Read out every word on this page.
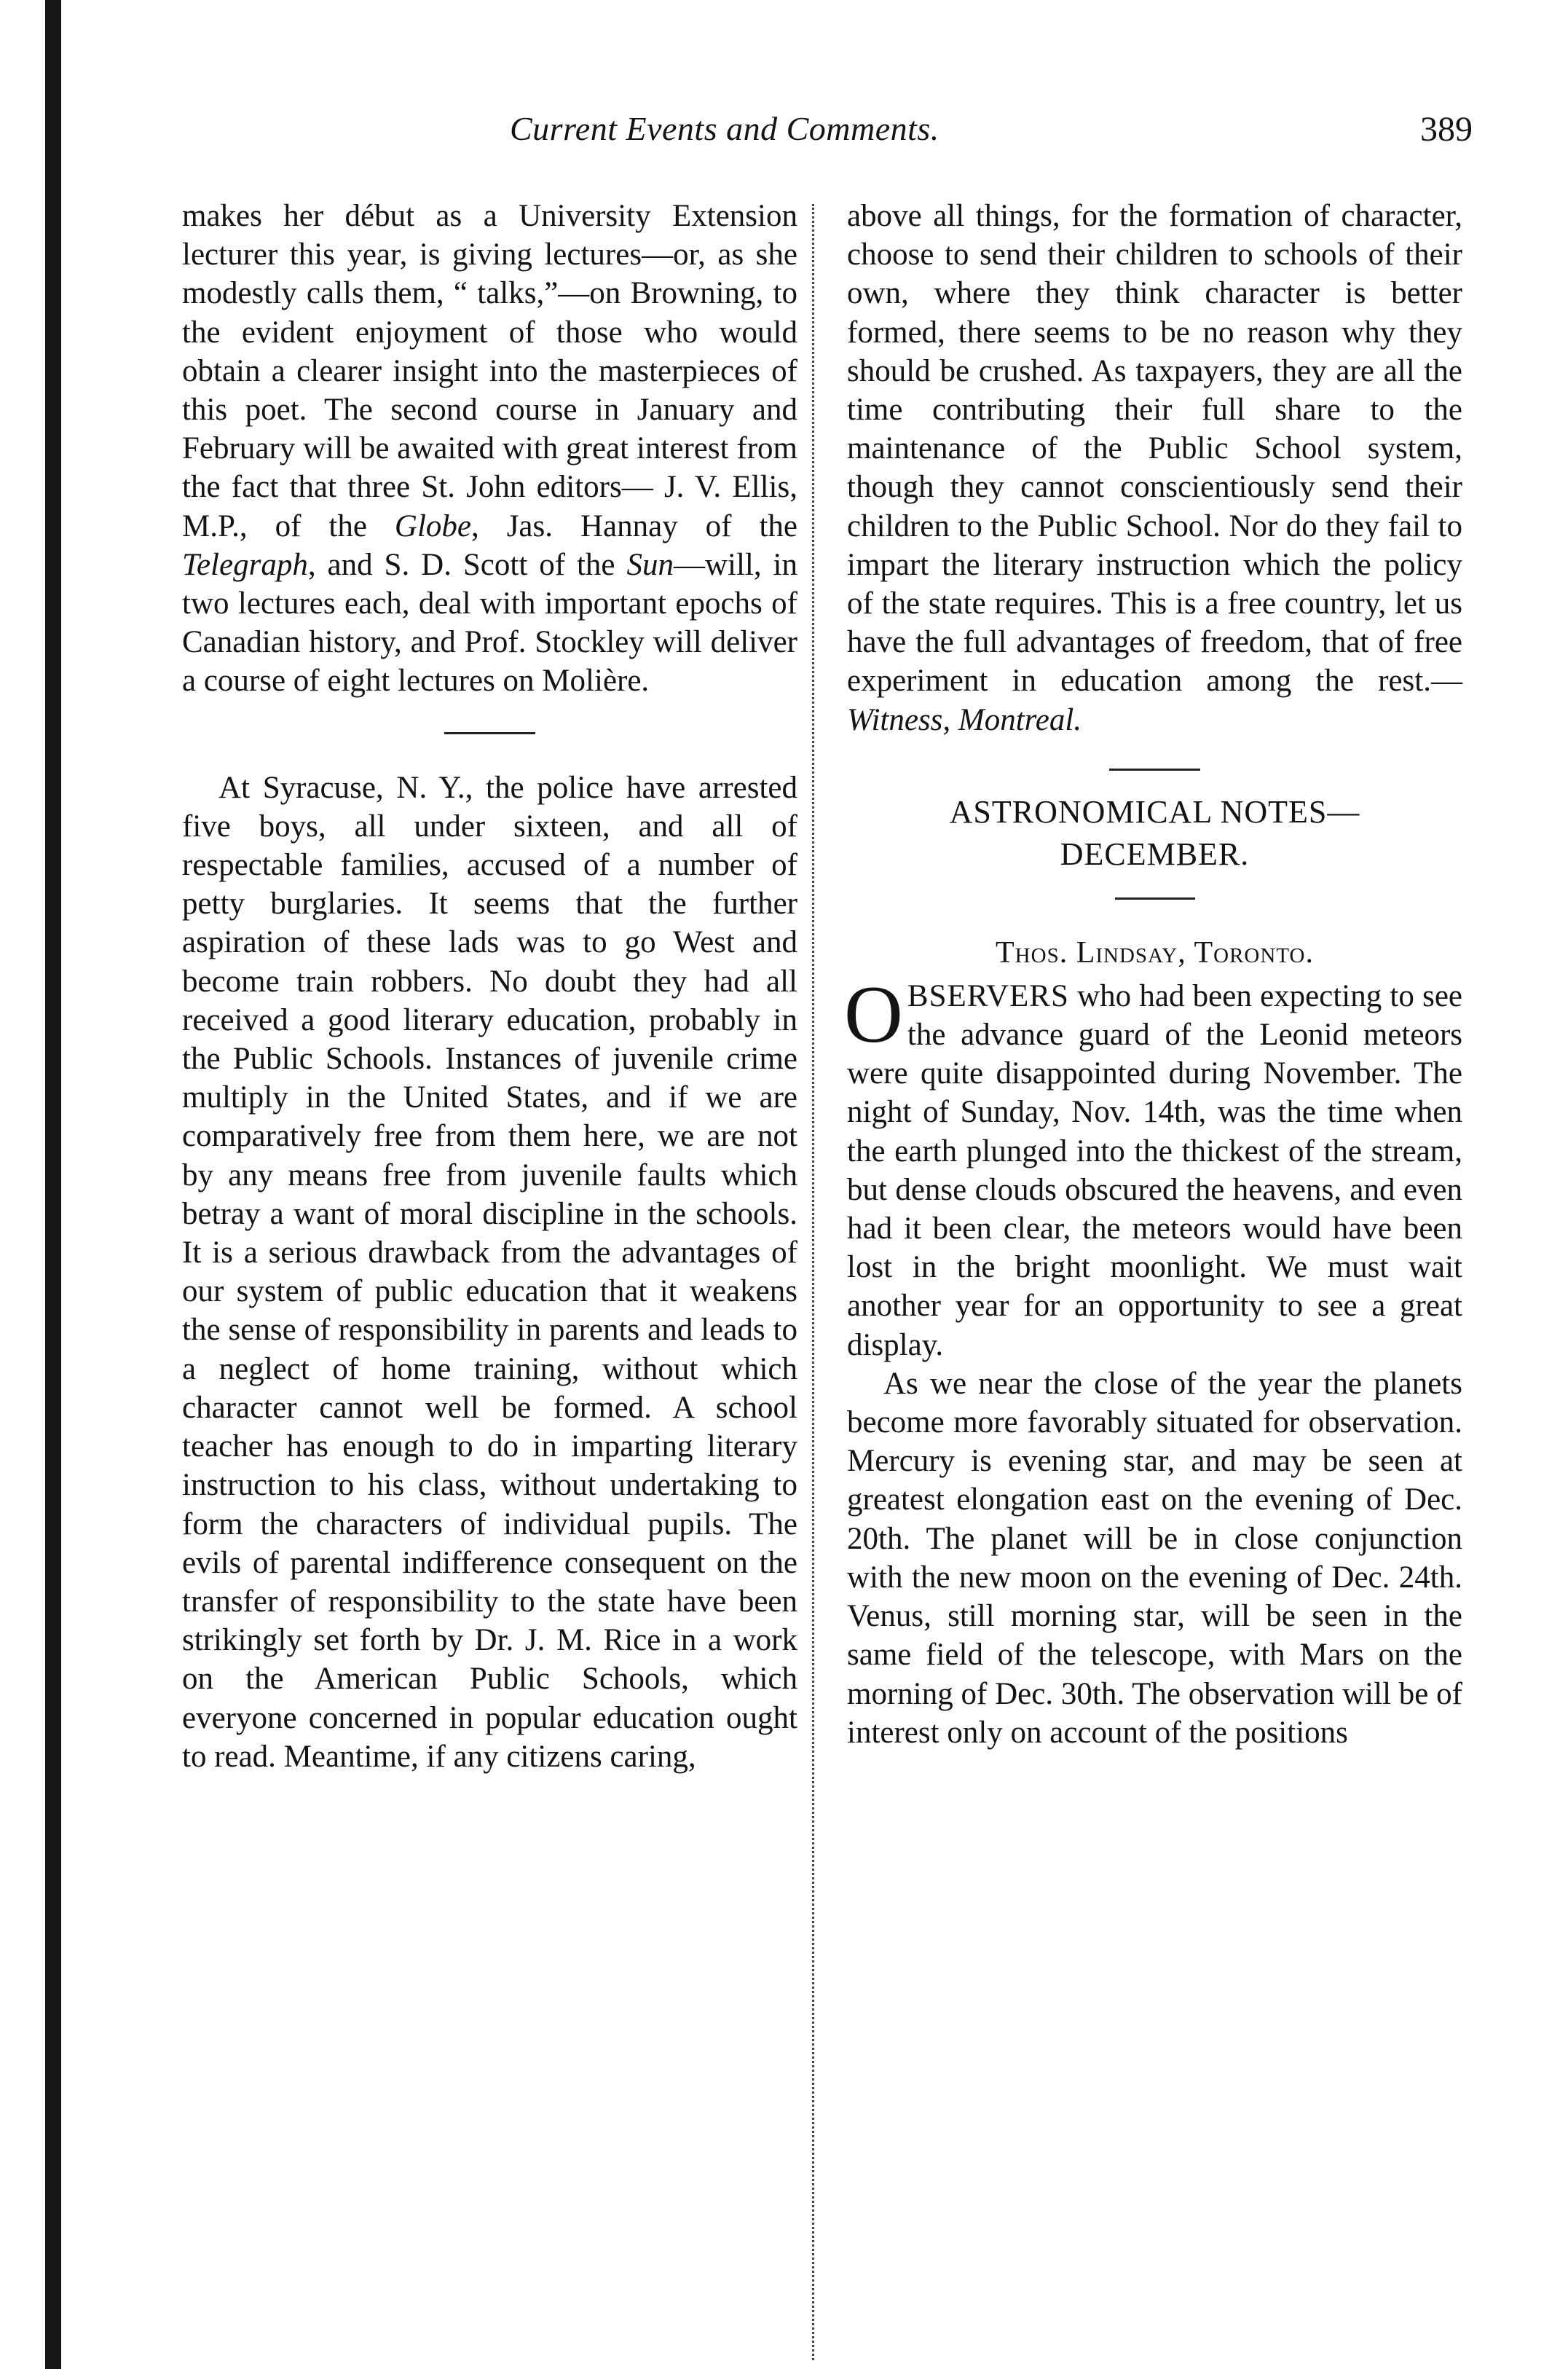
Current Events and Comments.	389

makes her début as a University Extension lecturer this year, is giving lectures—or, as she modestly calls them, “ talks,”—on Browning, to the evident enjoyment of those who would obtain a clearer insight into the masterpieces of this poet. The second course in January and February will be awaited with great interest from the fact that three St. John editors— J. V. Ellis, M.P., of the Globe, Jas. Hannay of the Telegraph, and S. D. Scott of the Sun—will, in two lectures each, deal with important epochs of Canadian history, and Prof. Stockley will deliver a course of eight lectures on Molière.

At Syracuse, N. Y., the police have arrested five boys, all under sixteen, and all of respectable families, accused of a number of petty burglaries. It seems that the further aspiration of these lads was to go West and become train robbers. No doubt they had all received a good literary education, probably in the Public Schools. Instances of juvenile crime multiply in the United States, and if we are comparatively free from them here, we are not by any means free from juvenile faults which betray a want of moral discipline in the schools. It is a serious drawback from the advantages of our system of public education that it weakens the sense of responsibility in parents and leads to a neglect of home training, without which character cannot well be formed. A school teacher has enough to do in imparting literary instruction to his class, without undertaking to form the characters of individual pupils. The evils of parental indifference consequent on the transfer of responsibility to the state have been strikingly set forth by Dr. J. M. Rice in a work on the American Public Schools, which everyone concerned in popular education ought to read. Meantime, if any citizens caring,

above all things, for the formation of character, choose to send their children to schools of their own, where they think character is better formed, there seems to be no reason why they should be crushed. As taxpayers, they are all the time contributing their full share to the maintenance of the Public School system, though they cannot conscientiously send their children to the Public School. Nor do they fail to impart the literary instruction which the policy of the state requires. This is a free country, let us have the full advantages of freedom, that of free experiment in education among the rest.— Witness, Montreal.

ASTRONOMICAL NOTES—

DECEMBER.

Thos. Lindsay, Toronto.

OBSERVERS who had been expecting to see the advance guard of the Leonid meteors were quite disappointed during November. The night of Sunday, Nov. 14th, was the time when the earth plunged into the thickest of the stream, but dense clouds obscured the heavens, and even had it been clear, the meteors would have been lost in the bright moonlight. We must wait another year for an opportunity to see a great display.

As we near the close of the year the planets become more favorably situated for observation. Mercury is evening star, and may be seen at greatest elongation east on the evening of Dec. 20th. The planet will be in close conjunction with the new moon on the evening of Dec. 24th. Venus, still morning star, will be seen in the same field of the telescope, with Mars on the morning of Dec. 30th. The observation will be of interest only on account of the positions
